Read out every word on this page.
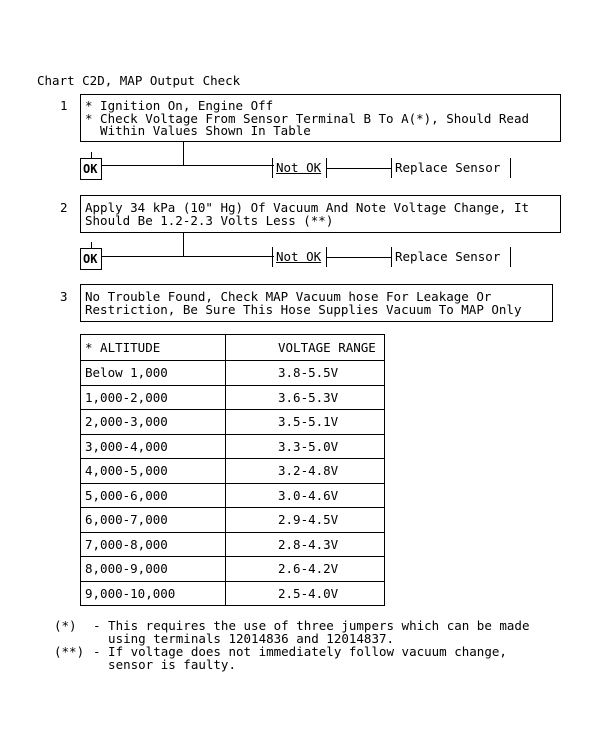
Chart C2D, MAP Output Check
1 * Ignition On, Engine Off
* Check Voltage From Sensor Terminal B To A(*), Should Read
Within Values Shown In Table
OK	Not OK	Replace Sensor
2 Apply 34 kPa (10" Hg) Of Vacuum And Note Voltage Change, It
Should Be 1.2-2.3 Volts Less (**)
OK	Not OK	Replace Sensor
3 No Trouble Found, Check MAP Vacuum hose For Leakage Or
Restriction, Be Sure This Hose Supplies Vacuum To MAP Only
* ALTITUDE	VOLTAGE RANGE
Below 1,000	3.8-5.5V
1,000-2,000	3.6-5.3V
2,000-3,000	3.5-5.1V
3,000-4,000	3.3-5.0V
4,000-5,000	3.2-4.8V
5,000-6,000	3.0-4.6V
6,000-7,000	2.9-4.5V
7,000-8,000	2.8-4.3V
8,000-9,000	2.6-4.2V
9,000-10,000	2.5-4.0V
(*) - This requires the use of three jumpers which can be made
using terminals 12014836 and 12014837.
(**) - If voltage does not immediately follow vacuum change,
sensor is faulty.
